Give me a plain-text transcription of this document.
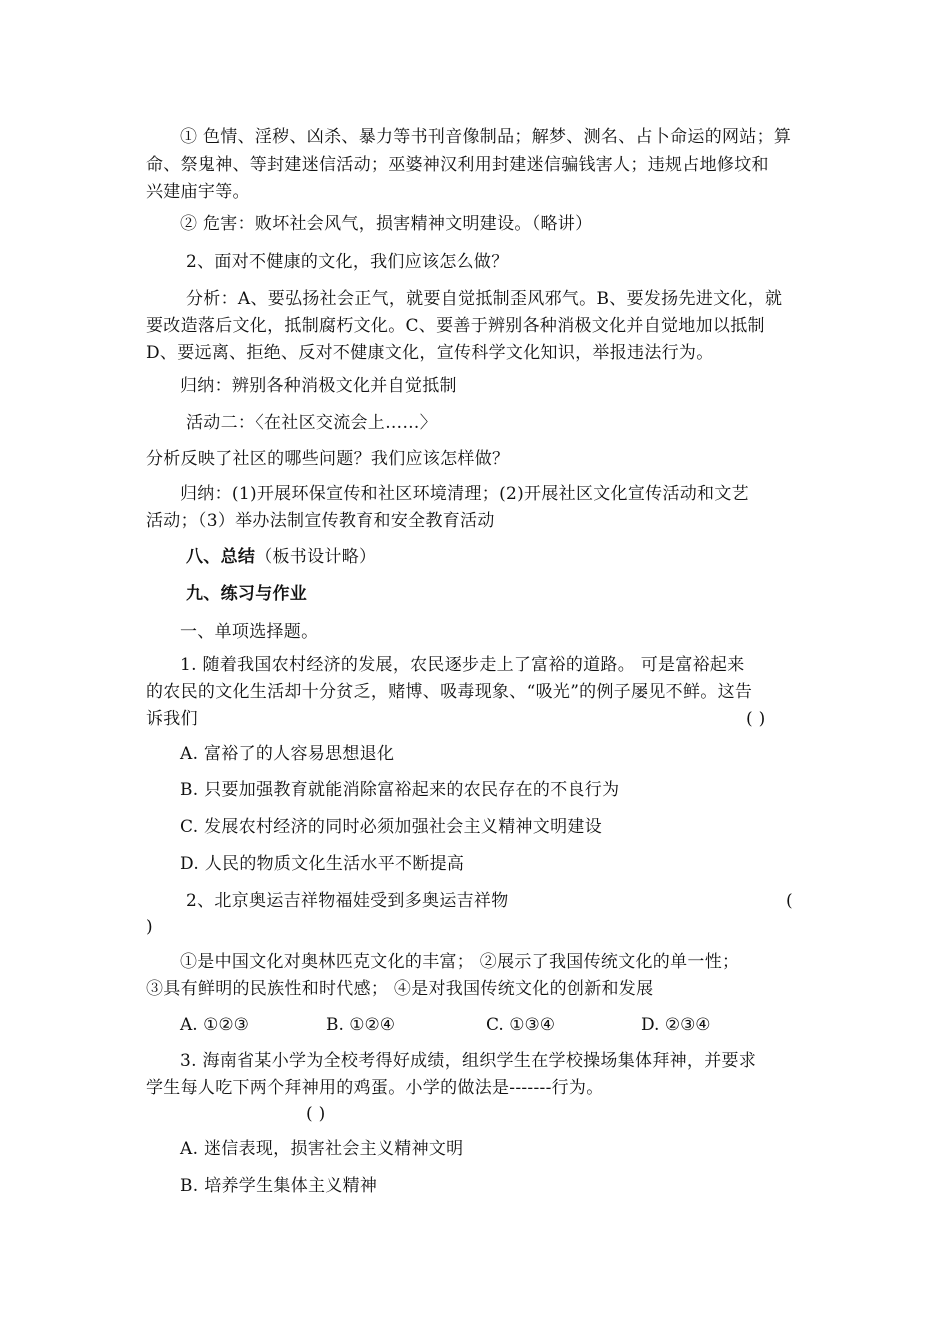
① 色情、淫秽、凶杀、暴力等书刊音像制品；解梦、测名、占卜命运的网站；算
命、祭鬼神、等封建迷信活动；巫婆神汉利用封建迷信骗钱害人；违规占地修坟和
兴建庙宇等。
② 危害：败坏社会风气，损害精神文明建设。（略讲）
2、面对不健康的文化，我们应该怎么做？
分析：A、要弘扬社会正气，就要自觉抵制歪风邪气。B、要发扬先进文化，就
要改造落后文化，抵制腐朽文化。C、要善于辨别各种消极文化并自觉地加以抵制
D、要远离、拒绝、反对不健康文化，宣传科学文化知识，举报违法行为。
归纳：辨别各种消极文化并自觉抵制
活动二：〈在社区交流会上……〉
分析反映了社区的哪些问题？我们应该怎样做？
归纳：(1)开展环保宣传和社区环境清理；(2)开展社区文化宣传活动和文艺
活动；（3）举办法制宣传教育和安全教育活动
八、总结（板书设计略）
九、练习与作业
一、单项选择题。
1. 随着我国农村经济的发展，农民逐步走上了富裕的道路。 可是富裕起来
的农民的文化生活却十分贫乏，赌博、吸毒现象、“吸光”的例子屡见不鲜。这告
诉我们	( )
A. 富裕了的人容易思想退化
B. 只要加强教育就能消除富裕起来的农民存在的不良行为
C. 发展农村经济的同时必须加强社会主义精神文明建设
D. 人民的物质文化生活水平不断提高
2、北京奥运吉祥物福娃受到多奥运吉祥物	(
)
①是中国文化对奥林匹克文化的丰富； ②展示了我国传统文化的单一性；
③具有鲜明的民族性和时代感； ④是对我国传统文化的创新和发展
A. ①②③	B. ①②④	C. ①③④	D. ②③④
3. 海南省某小学为全校考得好成绩，组织学生在学校操场集体拜神，并要求
学生每人吃下两个拜神用的鸡蛋。小学的做法是-------行为。
( )
A. 迷信表现，损害社会主义精神文明
B. 培养学生集体主义精神
